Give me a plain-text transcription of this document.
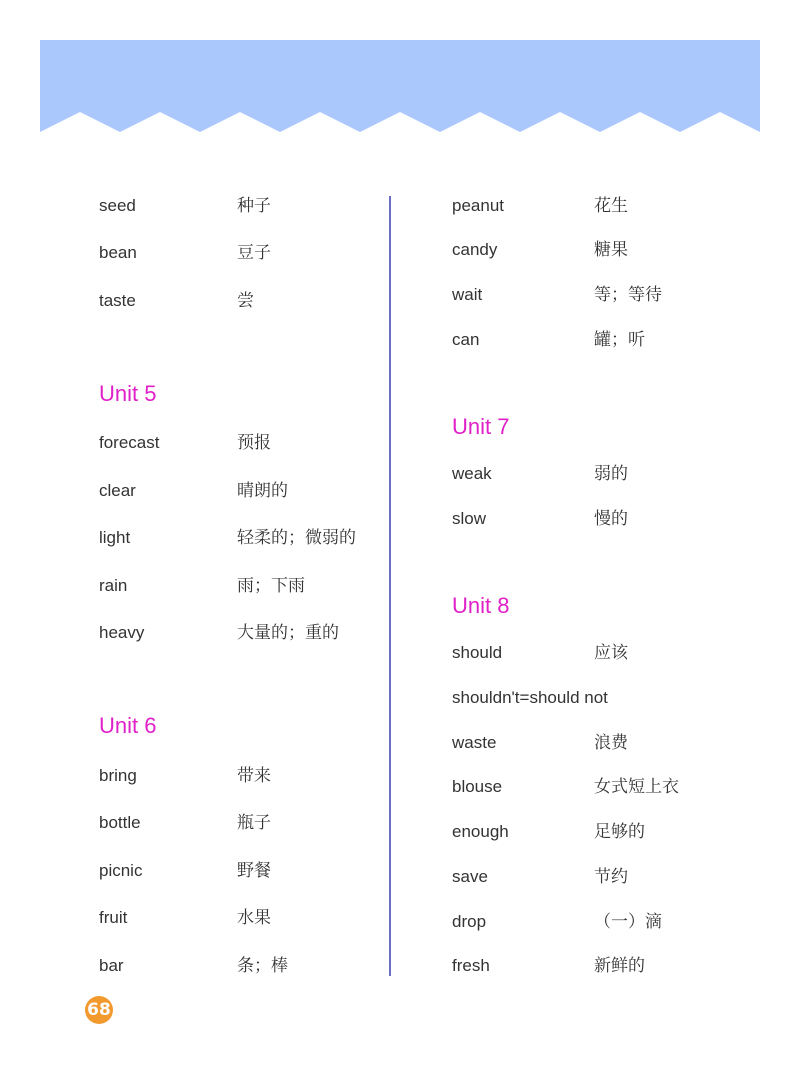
seed	种子
bean	豆子
taste	尝
Unit 5
forecast	预报
clear	晴朗的
light	轻柔的；微弱的
rain	雨；下雨
heavy	大量的；重的
Unit 6
bring	带来
bottle	瓶子
picnic	野餐
fruit	水果
bar	条；棒
peanut	花生
candy	糖果
wait	等；等待
can	罐；听
Unit 7
weak	弱的
slow	慢的
Unit 8
should	应该
shouldn't=should not
waste	浪费
blouse	女式短上衣
enough	足够的
save	节约
drop	（一）滴
fresh	新鲜的
68
